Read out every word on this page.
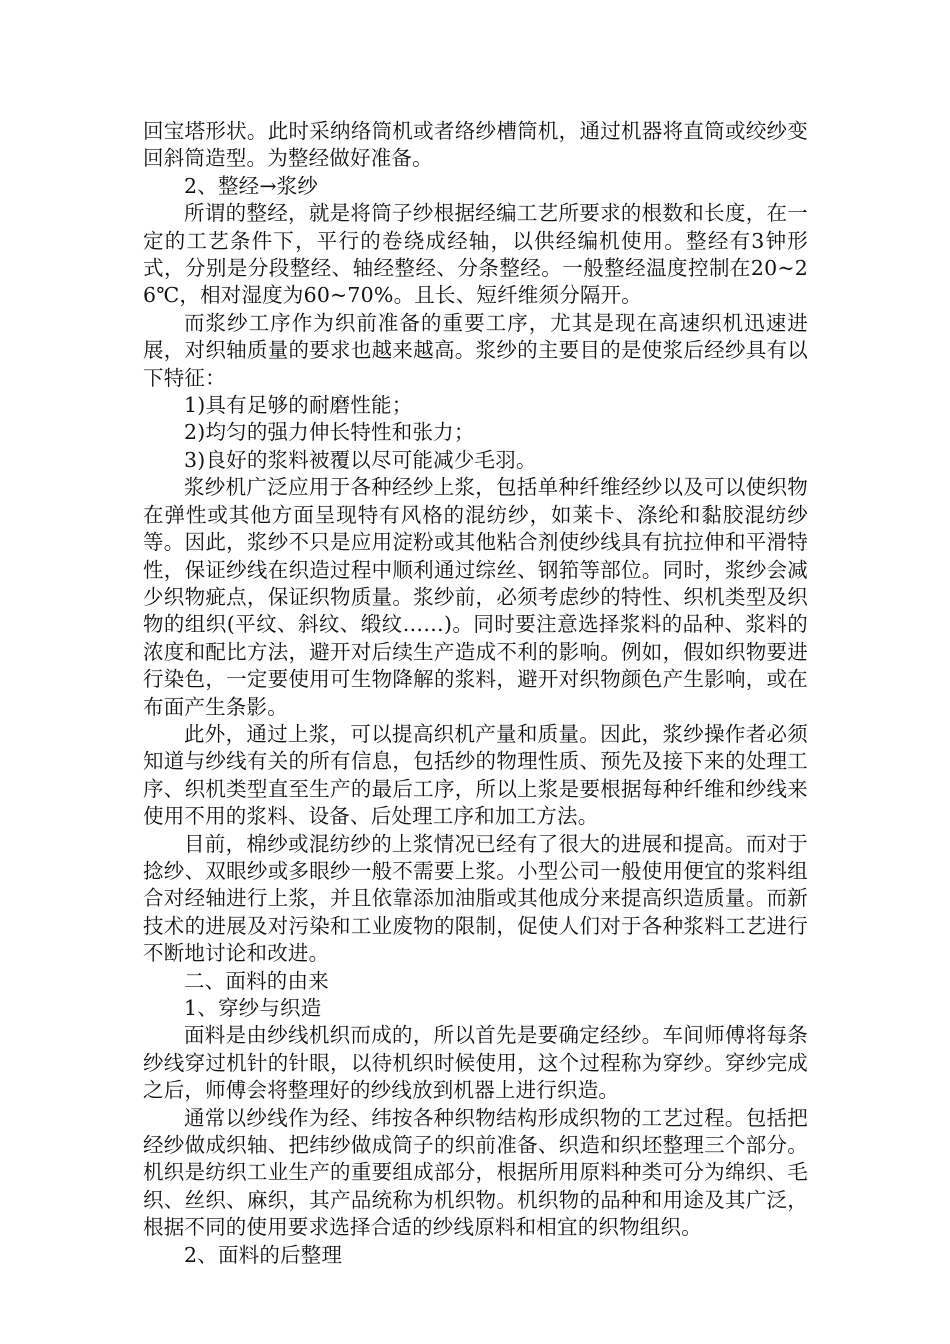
回宝塔形状。此时采纳络筒机或者络纱槽筒机，通过机器将直筒或绞纱变回斜筒造型。为整经做好准备。

2、整经→浆纱

所谓的整经，就是将筒子纱根据经编工艺所要求的根数和长度，在一定的工艺条件下，平行的卷绕成经轴，以供经编机使用。整经有3钟形式，分别是分段整经、轴经整经、分条整经。一般整经温度控制在20~26℃，相对湿度为60~70%。且长、短纤维须分隔开。

而浆纱工序作为织前准备的重要工序，尤其是现在高速织机迅速进展，对织轴质量的要求也越来越高。浆纱的主要目的是使浆后经纱具有以下特征：

1)具有足够的耐磨性能；

2)均匀的强力伸长特性和张力；

3)良好的浆料被覆以尽可能减少毛羽。

浆纱机广泛应用于各种经纱上浆，包括单种纤维经纱以及可以使织物在弹性或其他方面呈现特有风格的混纺纱，如莱卡、涤纶和黏胶混纺纱等。因此，浆纱不只是应用淀粉或其他粘合剂使纱线具有抗拉伸和平滑特性，保证纱线在织造过程中顺利通过综丝、钢筘等部位。同时，浆纱会减少织物疵点，保证织物质量。浆纱前，必须考虑纱的特性、织机类型及织物的组织(平纹、斜纹、缎纹……)。同时要注意选择浆料的品种、浆料的浓度和配比方法，避开对后续生产造成不利的影响。例如，假如织物要进行染色，一定要使用可生物降解的浆料，避开对织物颜色产生影响，或在布面产生条影。

此外，通过上浆，可以提高织机产量和质量。因此，浆纱操作者必须知道与纱线有关的所有信息，包括纱的物理性质、预先及接下来的处理工序、织机类型直至生产的最后工序，所以上浆是要根据每种纤维和纱线来使用不用的浆料、设备、后处理工序和加工方法。

目前，棉纱或混纺纱的上浆情况已经有了很大的进展和提高。而对于捻纱、双眼纱或多眼纱一般不需要上浆。小型公司一般使用便宜的浆料组合对经轴进行上浆，并且依靠添加油脂或其他成分来提高织造质量。而新技术的进展及对污染和工业废物的限制，促使人们对于各种浆料工艺进行不断地讨论和改进。

二、面料的由来

1、穿纱与织造

面料是由纱线机织而成的，所以首先是要确定经纱。车间师傅将每条纱线穿过机针的针眼，以待机织时候使用，这个过程称为穿纱。穿纱完成之后，师傅会将整理好的纱线放到机器上进行织造。

通常以纱线作为经、纬按各种织物结构形成织物的工艺过程。包括把经纱做成织轴、把纬纱做成筒子的织前准备、织造和织坯整理三个部分。机织是纺织工业生产的重要组成部分，根据所用原料种类可分为绵织、毛织、丝织、麻织，其产品统称为机织物。机织物的品种和用途及其广泛，根据不同的使用要求选择合适的纱线原料和相宜的织物组织。

2、面料的后整理
